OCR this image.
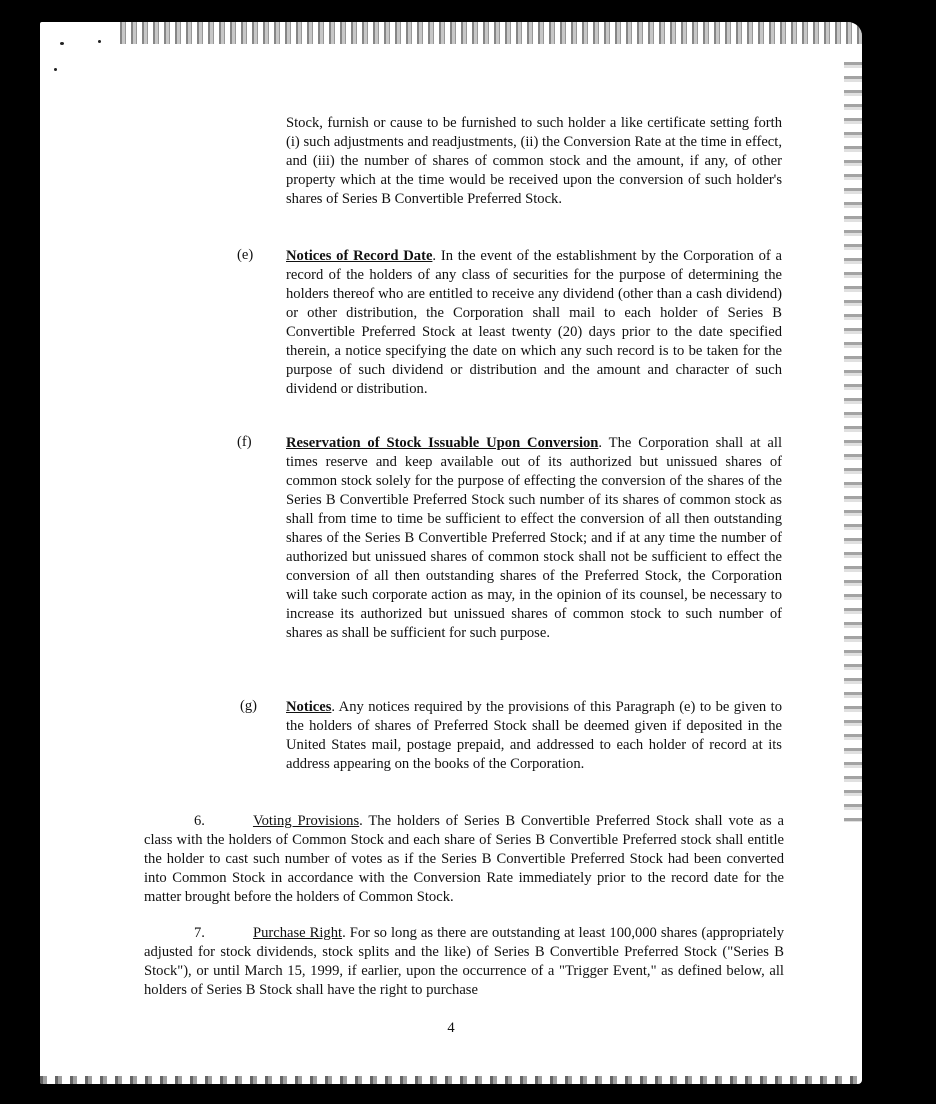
Stock, furnish or cause to be furnished to such holder a like certificate setting forth (i) such adjustments and readjustments, (ii) the Conversion Rate at the time in effect, and (iii) the number of shares of common stock and the amount, if any, of other property which at the time would be received upon the conversion of such holder's shares of Series B Convertible Preferred Stock.
(e) Notices of Record Date. In the event of the establishment by the Corporation of a record of the holders of any class of securities for the purpose of determining the holders thereof who are entitled to receive any dividend (other than a cash dividend) or other distribution, the Corporation shall mail to each holder of Series B Convertible Preferred Stock at least twenty (20) days prior to the date specified therein, a notice specifying the date on which any such record is to be taken for the purpose of such dividend or distribution and the amount and character of such dividend or distribution.
(f) Reservation of Stock Issuable Upon Conversion. The Corporation shall at all times reserve and keep available out of its authorized but unissued shares of common stock solely for the purpose of effecting the conversion of the shares of the Series B Convertible Preferred Stock such number of its shares of common stock as shall from time to time be sufficient to effect the conversion of all then outstanding shares of the Series B Convertible Preferred Stock; and if at any time the number of authorized but unissued shares of common stock shall not be sufficient to effect the conversion of all then outstanding shares of the Preferred Stock, the Corporation will take such corporate action as may, in the opinion of its counsel, be necessary to increase its authorized but unissued shares of common stock to such number of shares as shall be sufficient for such purpose.
(g) Notices. Any notices required by the provisions of this Paragraph (e) to be given to the holders of shares of Preferred Stock shall be deemed given if deposited in the United States mail, postage prepaid, and addressed to each holder of record at its address appearing on the books of the Corporation.
6.	Voting Provisions. The holders of Series B Convertible Preferred Stock shall vote as a class with the holders of Common Stock and each share of Series B Convertible Preferred stock shall entitle the holder to cast such number of votes as if the Series B Convertible Preferred Stock had been converted into Common Stock in accordance with the Conversion Rate immediately prior to the record date for the matter brought before the holders of Common Stock.
7.	Purchase Right. For so long as there are outstanding at least 100,000 shares (appropriately adjusted for stock dividends, stock splits and the like) of Series B Convertible Preferred Stock ("Series B Stock"), or until March 15, 1999, if earlier, upon the occurrence of a "Trigger Event," as defined below, all holders of Series B Stock shall have the right to purchase
4
